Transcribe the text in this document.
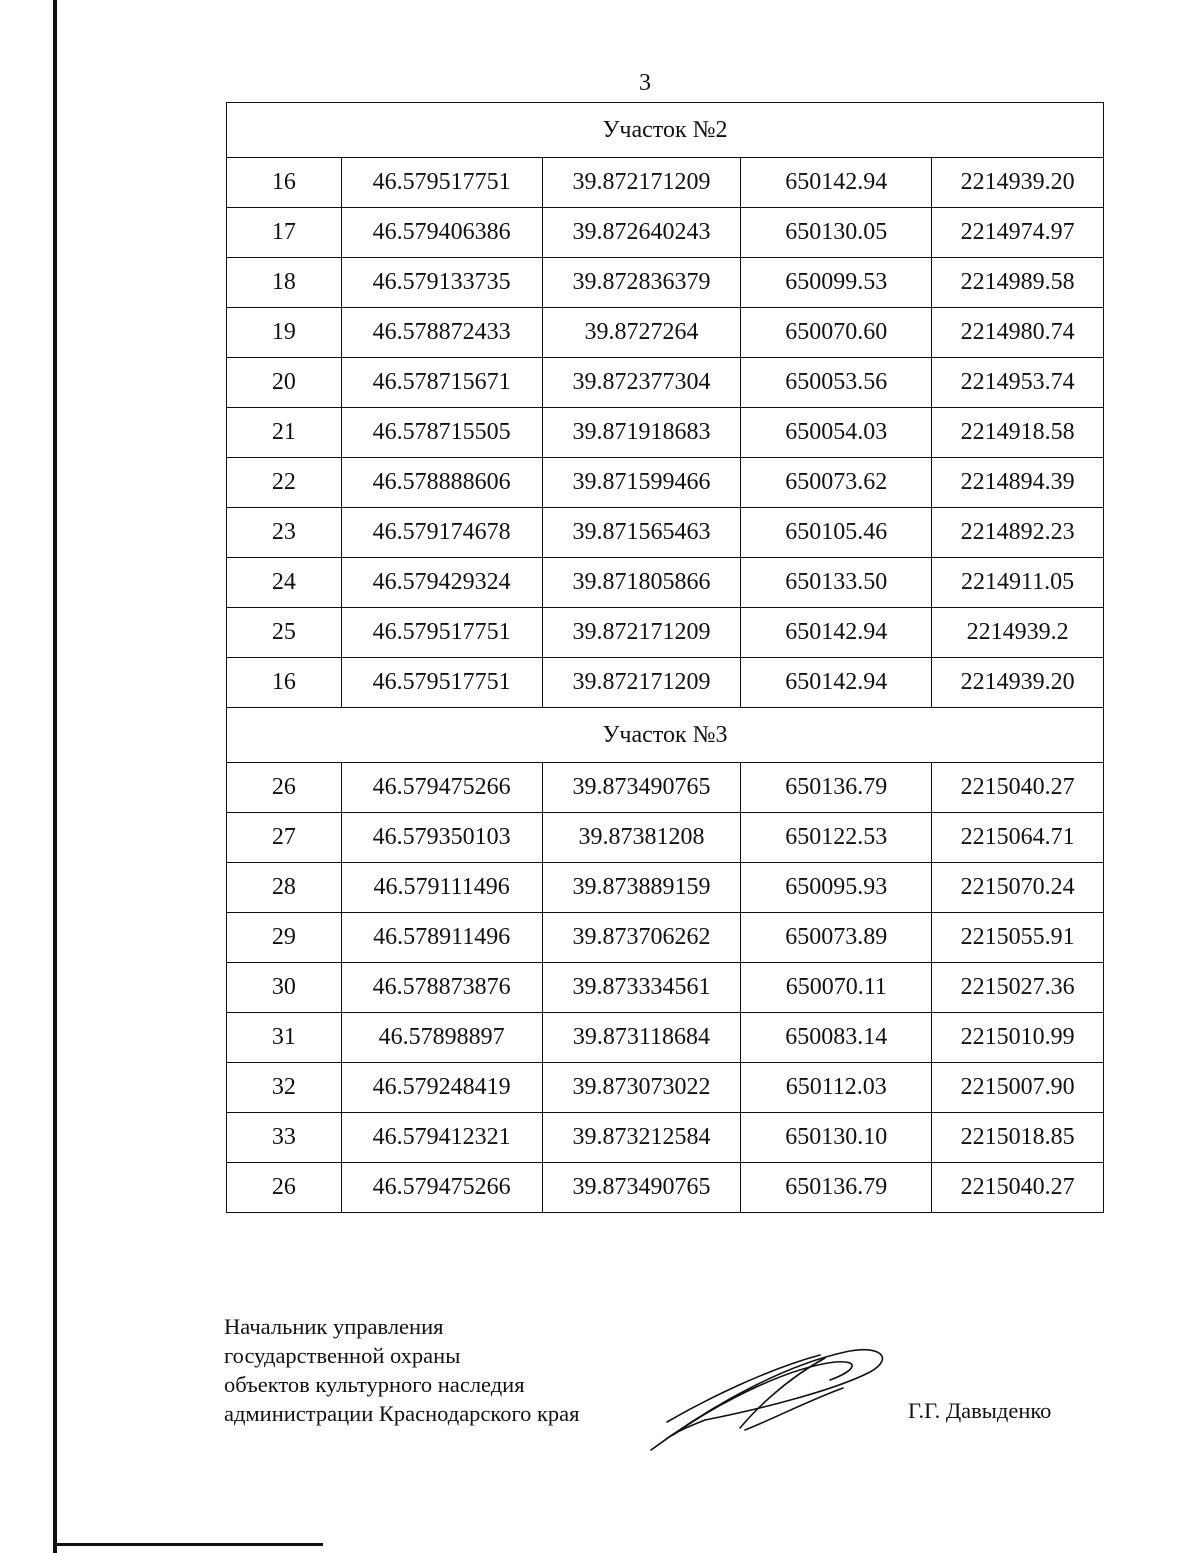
3
Участок №2				
16	46.579517751	39.872171209	650142.94	2214939.20
17	46.579406386	39.872640243	650130.05	2214974.97
18	46.579133735	39.872836379	650099.53	2214989.58
19	46.578872433	39.8727264	650070.60	2214980.74
20	46.578715671	39.872377304	650053.56	2214953.74
21	46.578715505	39.871918683	650054.03	2214918.58
22	46.578888606	39.871599466	650073.62	2214894.39
23	46.579174678	39.871565463	650105.46	2214892.23
24	46.579429324	39.871805866	650133.50	2214911.05
25	46.579517751	39.872171209	650142.94	2214939.2
16	46.579517751	39.872171209	650142.94	2214939.20
Участок №3				
26	46.579475266	39.873490765	650136.79	2215040.27
27	46.579350103	39.87381208	650122.53	2215064.71
28	46.579111496	39.873889159	650095.93	2215070.24
29	46.578911496	39.873706262	650073.89	2215055.91
30	46.578873876	39.873334561	650070.11	2215027.36
31	46.57898897	39.873118684	650083.14	2215010.99
32	46.579248419	39.873073022	650112.03	2215007.90
33	46.579412321	39.873212584	650130.10	2215018.85
26	46.579475266	39.873490765	650136.79	2215040.27
Начальник управления
государственной охраны
объектов культурного наследия
администрации Краснодарского края	Г.Г. Давыденко
